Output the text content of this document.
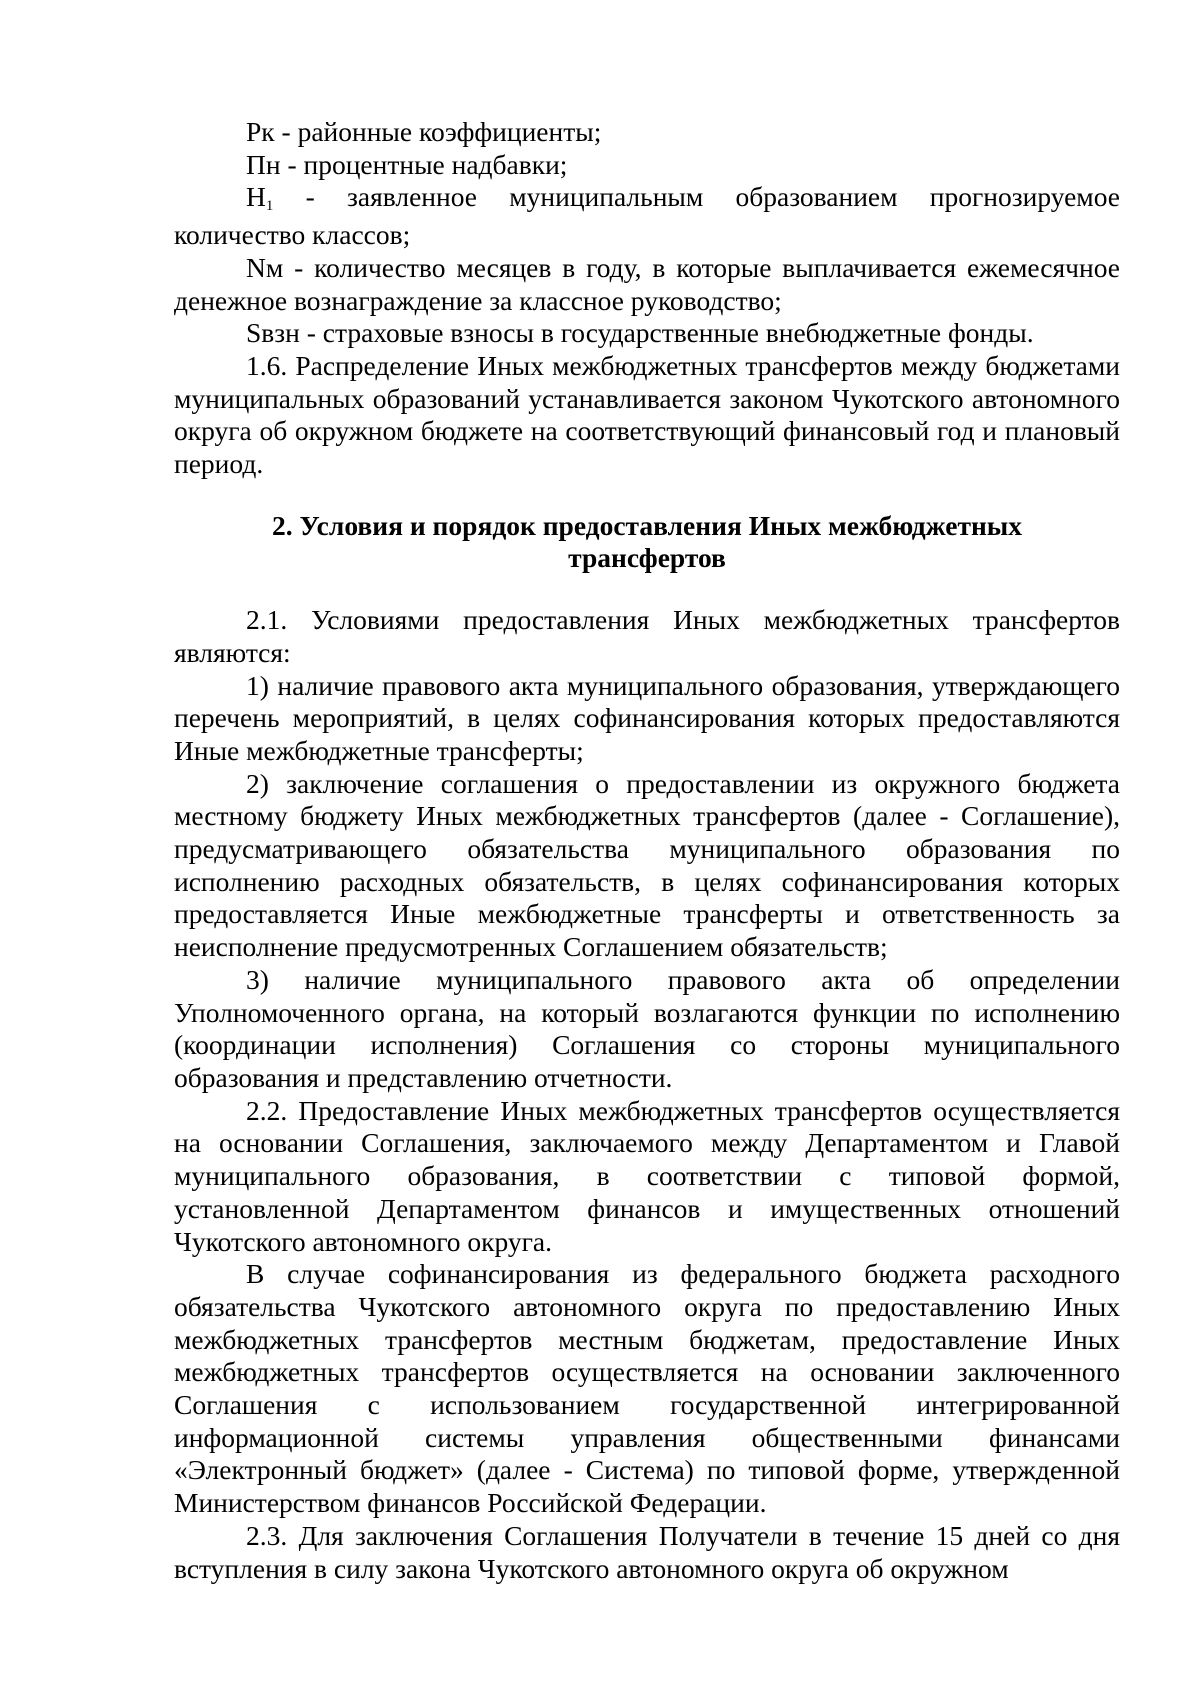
Рк - районные коэффициенты;

Пн - процентные надбавки;

$Н_1$ - заявленное муниципальным образованием прогнозируемое количество классов;

Nм - количество месяцев в году, в которые выплачивается ежемесячное денежное вознаграждение за классное руководство;

Sвзн - страховые взносы в государственные внебюджетные фонды.

1.6. Распределение Иных межбюджетных трансфертов между бюджетами муниципальных образований устанавливается законом Чукотского автономного округа об окружном бюджете на соответствующий финансовый год и плановый период.

2. Условия и порядок предоставления Иных межбюджетных трансфертов

2.1. Условиями предоставления Иных межбюджетных трансфертов являются:

1) наличие правового акта муниципального образования, утверждающего перечень мероприятий, в целях софинансирования которых предоставляются Иные межбюджетные трансферты;

2) заключение соглашения о предоставлении из окружного бюджета местному бюджету Иных межбюджетных трансфертов (далее - Соглашение), предусматривающего обязательства муниципального образования по исполнению расходных обязательств, в целях софинансирования которых предоставляется Иные межбюджетные трансферты и ответственность за неисполнение предусмотренных Соглашением обязательств;

3) наличие муниципального правового акта об определении Уполномоченного органа, на который возлагаются функции по исполнению (координации исполнения) Соглашения со стороны муниципального образования и представлению отчетности.

2.2. Предоставление Иных межбюджетных трансфертов осуществляется на основании Соглашения, заключаемого между Департаментом и Главой муниципального образования, в соответствии с типовой формой, установленной Департаментом финансов и имущественных отношений Чукотского автономного округа.

В случае софинансирования из федерального бюджета расходного обязательства Чукотского автономного округа по предоставлению Иных межбюджетных трансфертов местным бюджетам, предоставление Иных межбюджетных трансфертов осуществляется на основании заключенного Соглашения с использованием государственной интегрированной информационной системы управления общественными финансами «Электронный бюджет» (далее - Система) по типовой форме, утвержденной Министерством финансов Российской Федерации.

2.3. Для заключения Соглашения Получатели в течение 15 дней со дня вступления в силу закона Чукотского автономного округа об окружном
